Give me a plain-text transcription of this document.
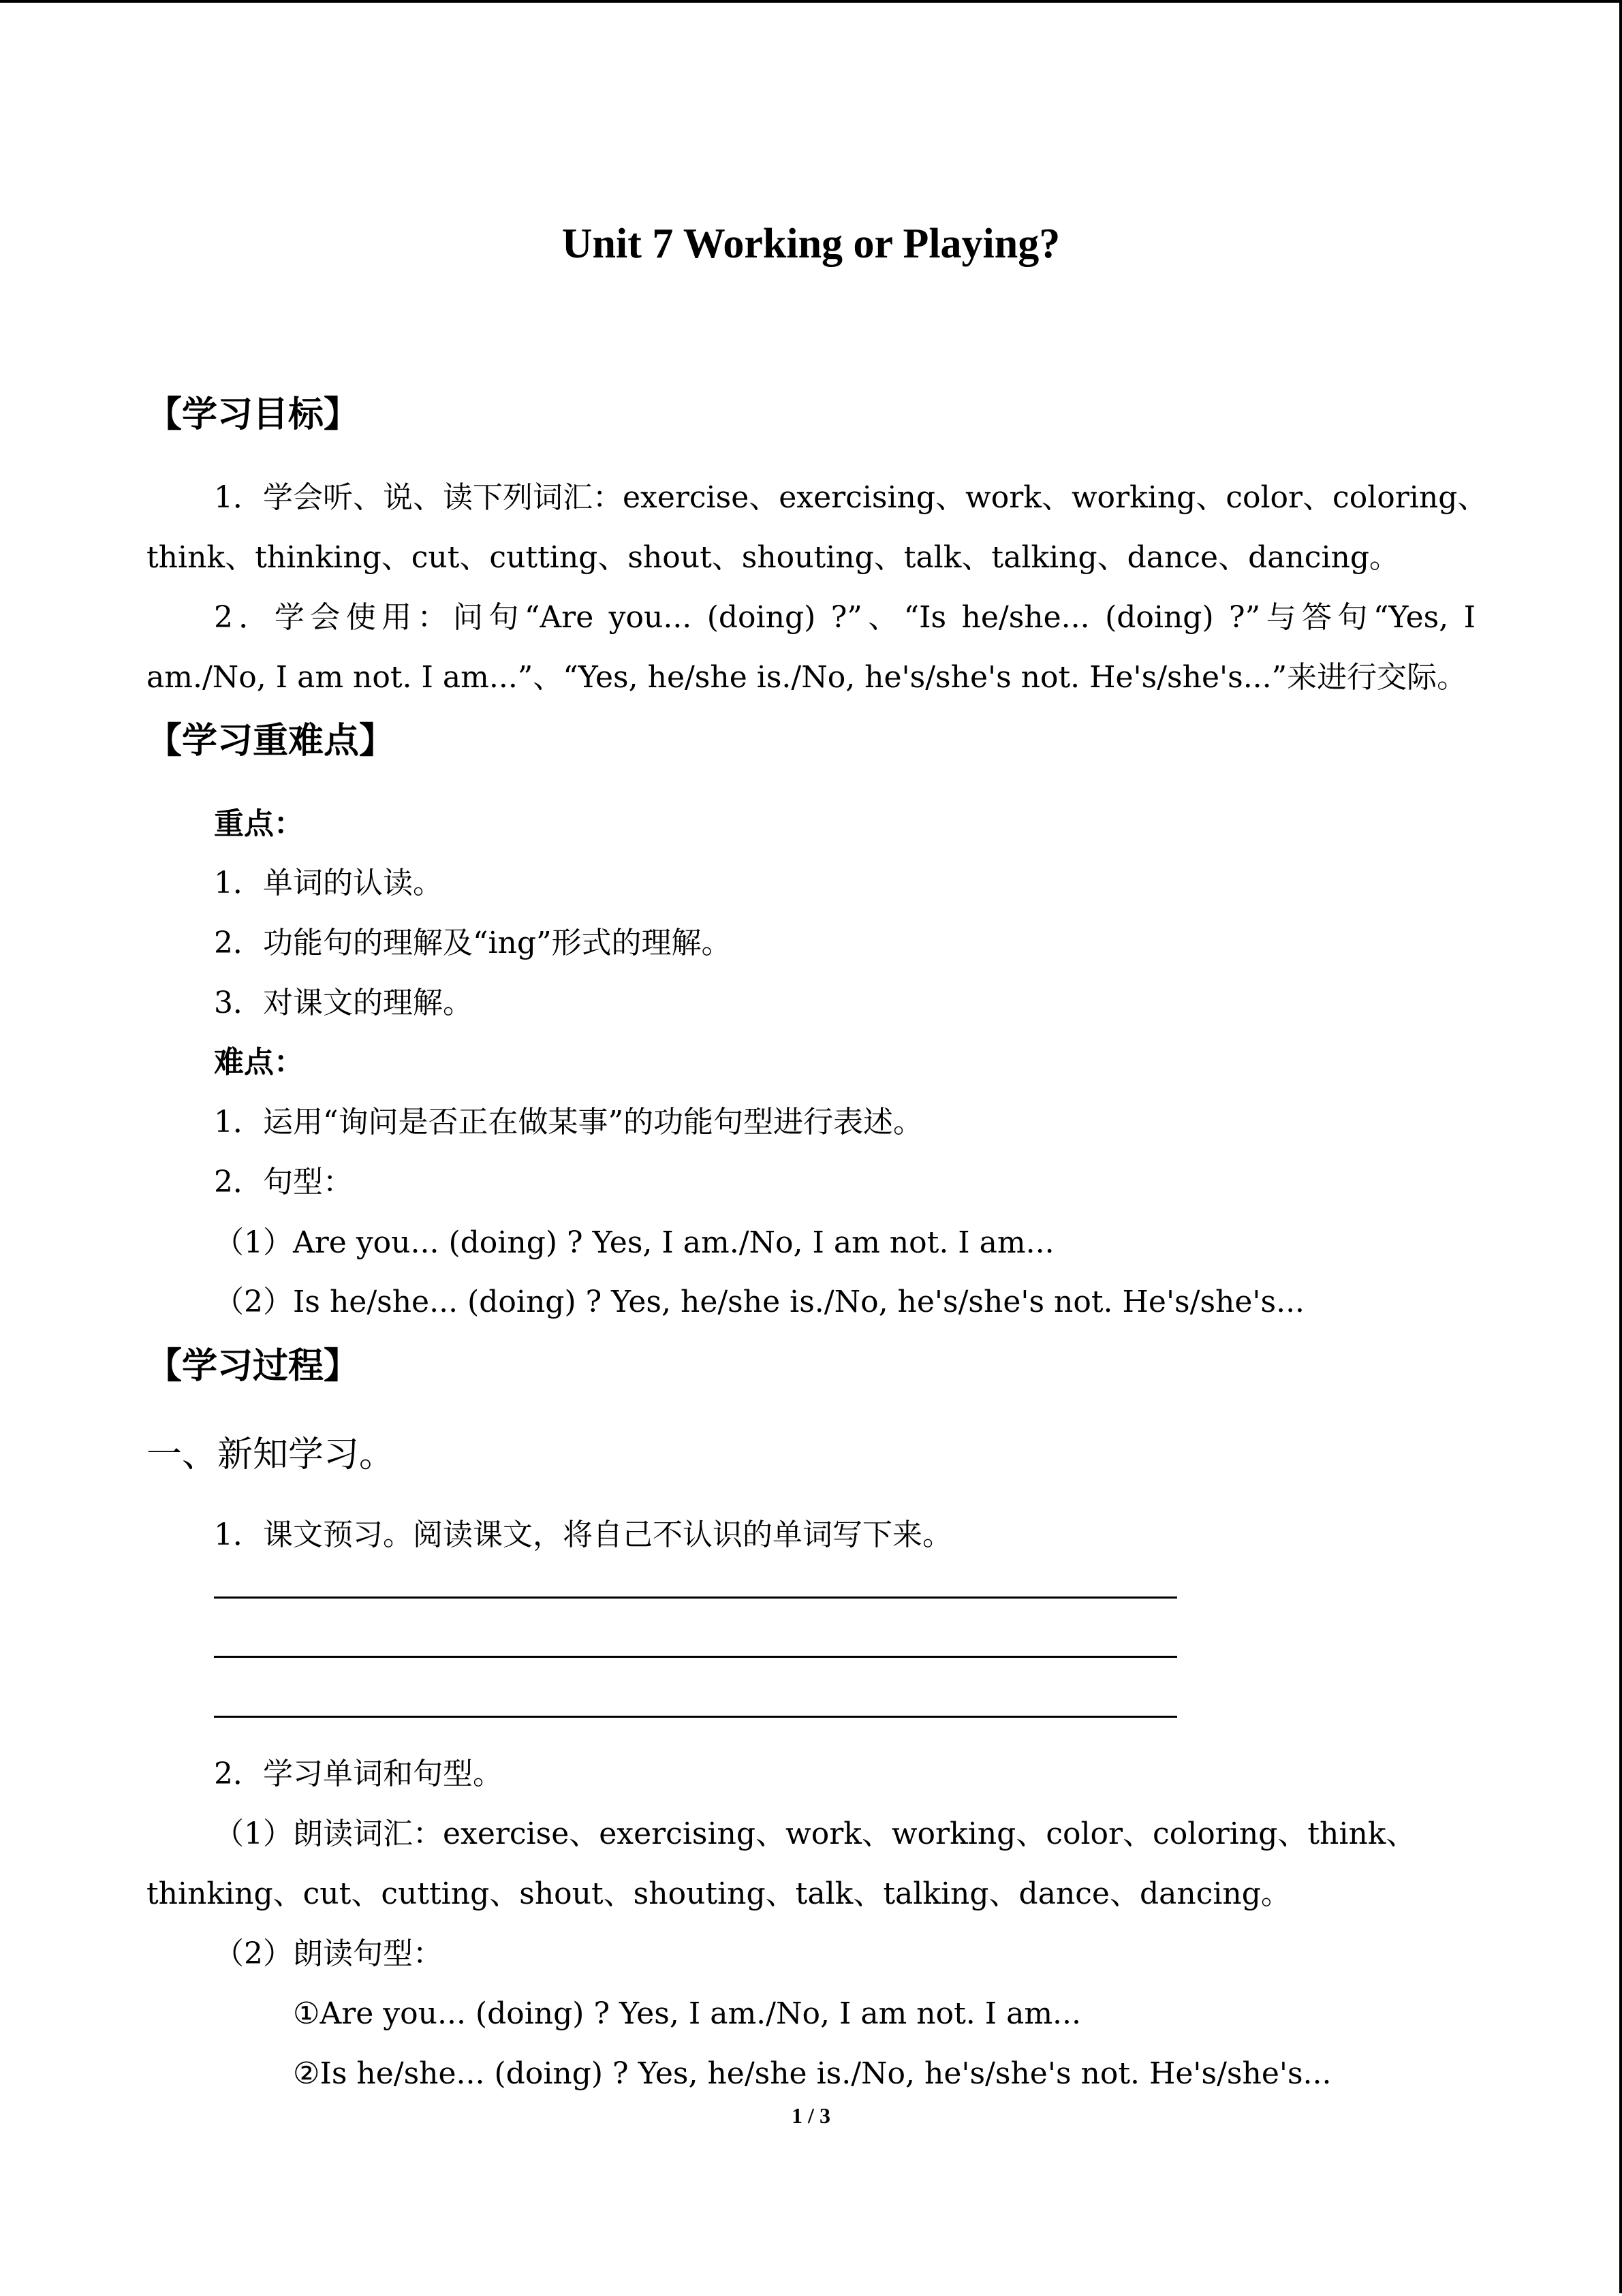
Unit 7 Working or Playing?
【学习目标】
1．学会听、说、读下列词汇：exercise、exercising、work、working、color、coloring、
think、thinking、cut、cutting、shout、shouting、talk、talking、dance、dancing。
2．学会使用：问句“Are you... (doing) ?”、“Is he/she... (doing) ?”与答句“Yes, I
am./No, I am not. I am...”、“Yes, he/she is./No, he's/she's not. He's/she's...”来进行交际。
【学习重难点】
重点：
1．单词的认读。
2．功能句的理解及“ing”形式的理解。
3．对课文的理解。
难点：
1．运用“询问是否正在做某事”的功能句型进行表述。
2．句型：
（1）Are you... (doing) ? Yes, I am./No, I am not. I am...
（2）Is he/she... (doing) ? Yes, he/she is./No, he's/she's not. He's/she's...
【学习过程】
一、新知学习。
1．课文预习。阅读课文，将自己不认识的单词写下来。
2．学习单词和句型。
（1）朗读词汇：exercise、exercising、work、working、color、coloring、think、
thinking、cut、cutting、shout、shouting、talk、talking、dance、dancing。
（2）朗读句型：
①Are you... (doing) ? Yes, I am./No, I am not. I am...
②Is he/she... (doing) ? Yes, he/she is./No, he's/she's not. He's/she's...
1 / 3
